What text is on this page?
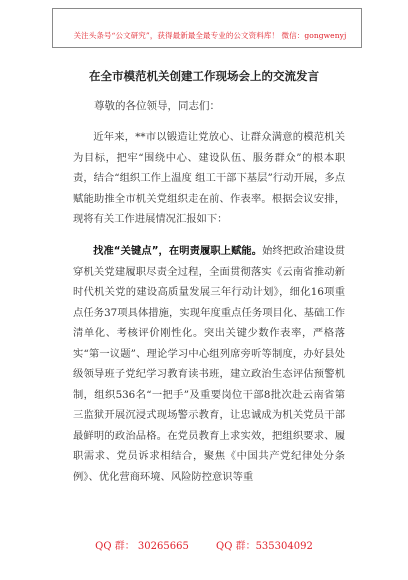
关注头条号“公文研究”，获得最新最全最专业的公文资料库！ 微信：gongwenyj
在全市模范机关创建工作现场会上的交流发言
尊敬的各位领导，同志们：
近年来，**市以锻造让党放心、让群众满意的模范机关为目标，把牢“围绕中心、建设队伍、服务群众”的根本职责，结合“组织工作上温度 组工干部下基层”行动开展，多点赋能助推全市机关党组织走在前、作表率。根据会议安排，现将有关工作进展情况汇报如下：
找准“关键点”，在明责履职上赋能。始终把政治建设贯穿机关党建履职尽责全过程，全面贯彻落实《云南省推动新时代机关党的建设高质量发展三年行动计划》，细化16项重点任务37项具体措施，实现年度重点任务项目化、基础工作清单化、考核评价刚性化。突出关键少数作表率，严格落实“第一议题”、理论学习中心组列席旁听等制度，办好县处级领导班子党纪学习教育读书班，建立政治生态评估预警机制，组织536名“一把手”及重要岗位干部8批次赴云南省第三监狱开展沉浸式现场警示教育，让忠诚成为机关党员干部最鲜明的政治品格。在党员教育上求实效，把组织要求、履职需求、党员诉求相结合，聚焦《中国共产党纪律处分条例》、优化营商环境、风险防控意识等重
QQ 群： 30265665	QQ 群：535304092
